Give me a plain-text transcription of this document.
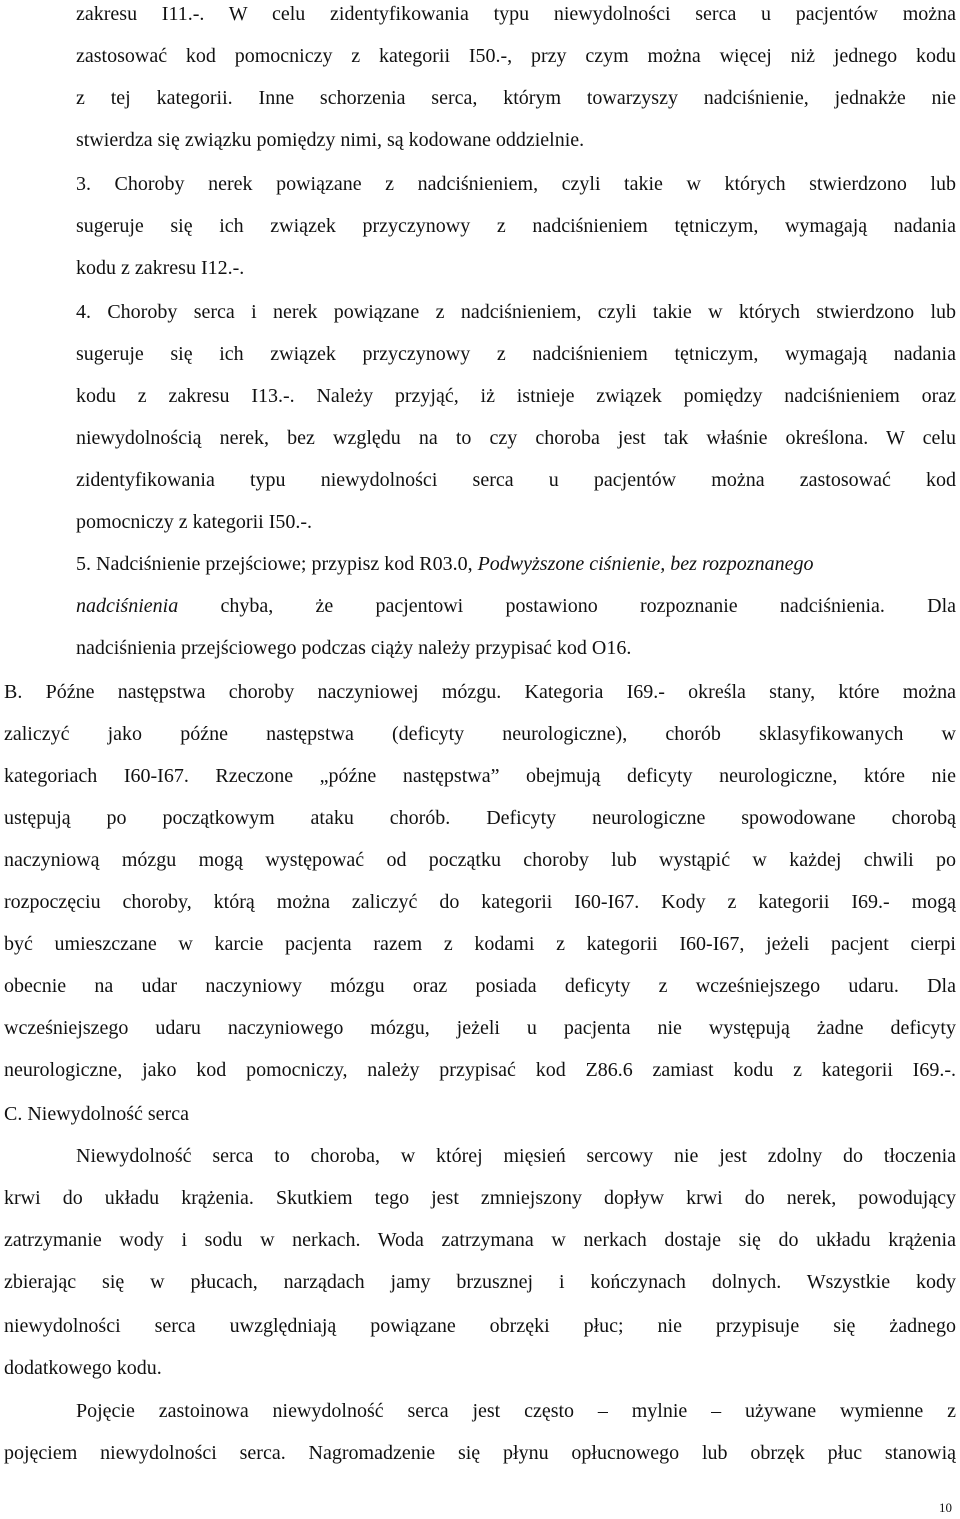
zakresu I11.-. W celu zidentyfikowania typu niewydolności serca u pacjentów można
zastosować kod pomocniczy z kategorii I50.-, przy czym można więcej niż jednego kodu
z tej kategorii. Inne schorzenia serca, którym towarzyszy nadciśnienie, jednakże nie
stwierdza się związku pomiędzy nimi, są kodowane oddzielnie.
3. Choroby nerek powiązane z nadciśnieniem, czyli takie w których stwierdzono lub
sugeruje się ich związek przyczynowy z nadciśnieniem tętniczym, wymagają nadania
kodu z zakresu I12.-.
4. Choroby serca i nerek powiązane z nadciśnieniem, czyli takie w których stwierdzono lub
sugeruje się ich związek przyczynowy z nadciśnieniem tętniczym, wymagają nadania
kodu z zakresu I13.-. Należy przyjąć, iż istnieje związek pomiędzy nadciśnieniem oraz
niewydolnością nerek, bez względu na to czy choroba jest tak właśnie określona. W celu
zidentyfikowania typu niewydolności serca u pacjentów można zastosować kod
pomocniczy z kategorii I50.-.
5. Nadciśnienie przejściowe; przypisz kod R03.0, Podwyższone ciśnienie, bez rozpoznanego
nadciśnienia chyba, że pacjentowi postawiono rozpoznanie nadciśnienia. Dla
nadciśnienia przejściowego podczas ciąży należy przypisać kod O16.
B. Późne następstwa choroby naczyniowej mózgu. Kategoria I69.- określa stany, które można
zaliczyć jako późne następstwa (deficyty neurologiczne), chorób sklasyfikowanych w
kategoriach I60-I67. Rzeczone „późne następstwa” obejmują deficyty neurologiczne, które nie
ustępują po początkowym ataku chorób. Deficyty neurologiczne spowodowane chorobą
naczyniową mózgu mogą występować od początku choroby lub wystąpić w każdej chwili po
rozpoczęciu choroby, którą można zaliczyć do kategorii I60-I67. Kody z kategorii I69.- mogą
być umieszczane w karcie pacjenta razem z kodami z kategorii I60-I67, jeżeli pacjent cierpi
obecnie na udar naczyniowy mózgu oraz posiada deficyty z wcześniejszego udaru. Dla
wcześniejszego udaru naczyniowego mózgu, jeżeli u pacjenta nie występują żadne deficyty
neurologiczne, jako kod pomocniczy, należy przypisać kod Z86.6 zamiast kodu z kategorii I69.-.
C. Niewydolność serca
Niewydolność serca to choroba, w której mięsień sercowy nie jest zdolny do tłoczenia
krwi do układu krążenia. Skutkiem tego jest zmniejszony dopływ krwi do nerek, powodujący
zatrzymanie wody i sodu w nerkach. Woda zatrzymana w nerkach dostaje się do układu krążenia
zbierając się w płucach, narządach jamy brzusznej i kończynach dolnych. Wszystkie kody
niewydolności serca uwzględniają powiązane obrzęki płuc; nie przypisuje się żadnego
dodatkowego kodu.
Pojęcie zastoinowa niewydolność serca jest często – mylnie – używane wymienne z
pojęciem niewydolności serca. Nagromadzenie się płynu opłucnowego lub obrzęk płuc stanowią
10
